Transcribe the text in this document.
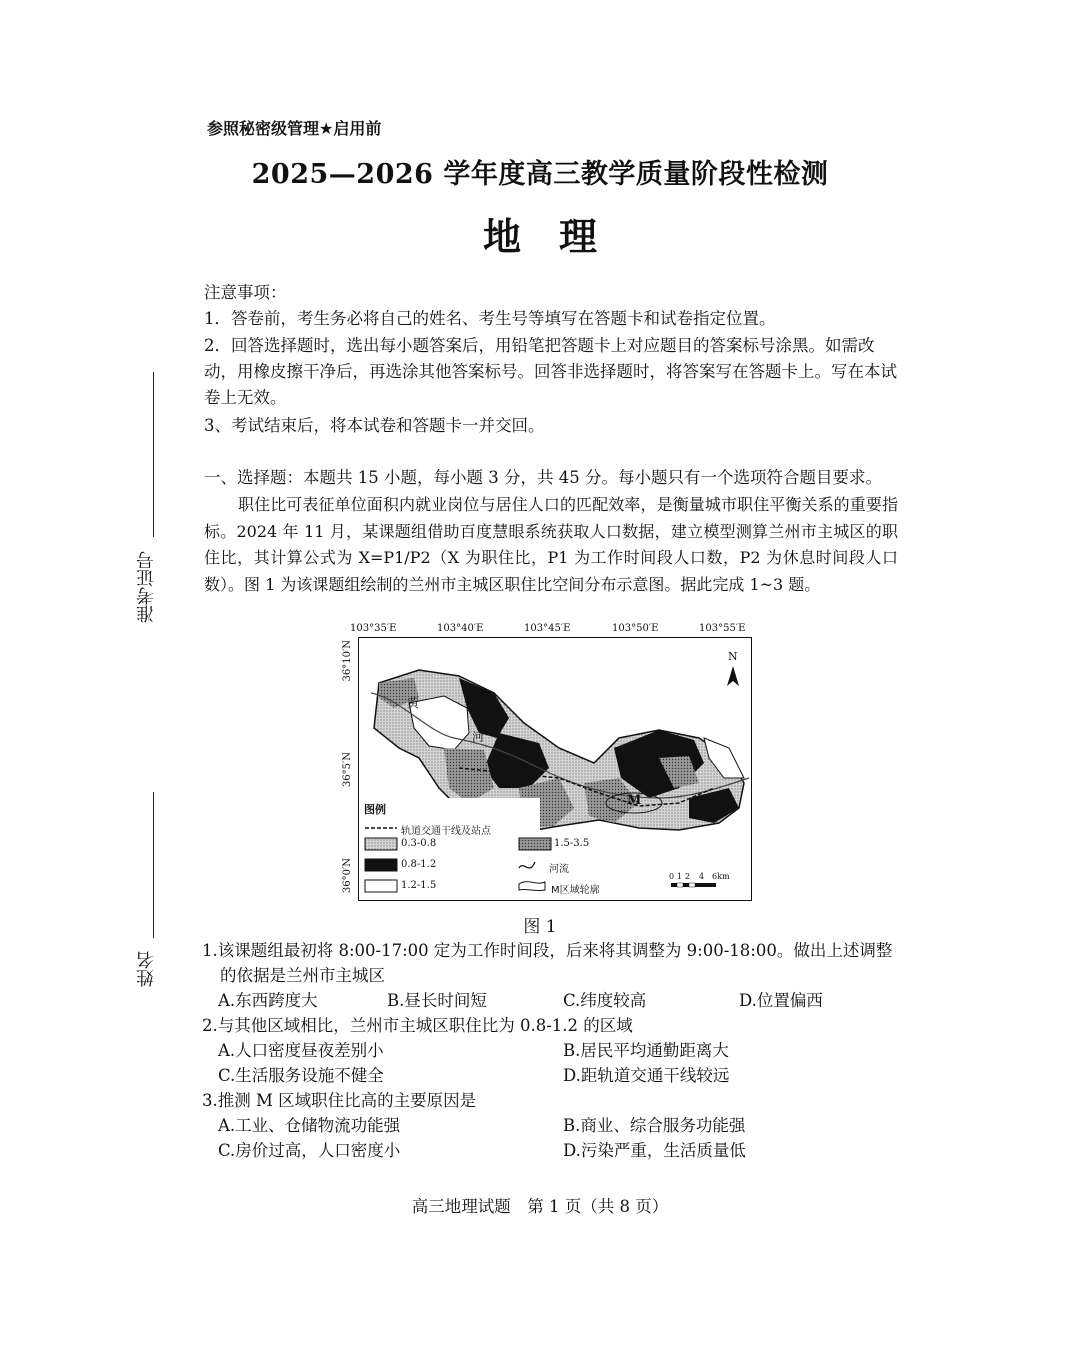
参照秘密级管理★启用前
2025—2026 学年度高三教学质量阶段性检测
地理
准考证号
姓名
注意事项：
1．答卷前，考生务必将自己的姓名、考生号等填写在答题卡和试卷指定位置。
2．回答选择题时，选出每小题答案后，用铅笔把答题卡上对应题目的答案标号涂黑。如需改动，用橡皮擦干净后，再选涂其他答案标号。回答非选择题时，将答案写在答题卡上。写在本试卷上无效。
3、考试结束后，将本试卷和答题卡一并交回。
一、选择题：本题共 15 小题，每小题 3 分，共 45 分。每小题只有一个选项符合题目要求。
职住比可表征单位面积内就业岗位与居住人口的匹配效率，是衡量城市职住平衡关系的重要指标。2024 年 11 月，某课题组借助百度慧眼系统获取人口数据，建立模型测算兰州市主城区的职住比，其计算公式为 X=P1/P2（X 为职住比，P1 为工作时间段人口数，P2 为休息时间段人口数）。图 1 为该课题组绘制的兰州市主城区职住比空间分布示意图。据此完成 1~3 题。
103°35′E	103°40′E	103°45′E	103°50′E	103°55′E
36°10′N
36°5′N
36°0′N
N
黄
河
M
图例
轨道交通干线及站点
0.3-0.8
0.8-1.2
1.2-1.5
1.5-3.5
河流
M区域轮廓
0 1 2 4 6km
图 1
1.该课题组最初将 8:00-17:00 定为工作时间段，后来将其调整为 9:00-18:00。做出上述调整
的依据是兰州市主城区
A.东西跨度大	B.昼长时间短	C.纬度较高	D.位置偏西
2.与其他区域相比，兰州市主城区职住比为 0.8-1.2 的区域
A.人口密度昼夜差别小	B.居民平均通勤距离大
C.生活服务设施不健全	D.距轨道交通干线较远
3.推测 M 区域职住比高的主要原因是
A.工业、仓储物流功能强	B.商业、综合服务功能强
C.房价过高，人口密度小	D.污染严重，生活质量低
高三地理试题　第 1 页（共 8 页）
